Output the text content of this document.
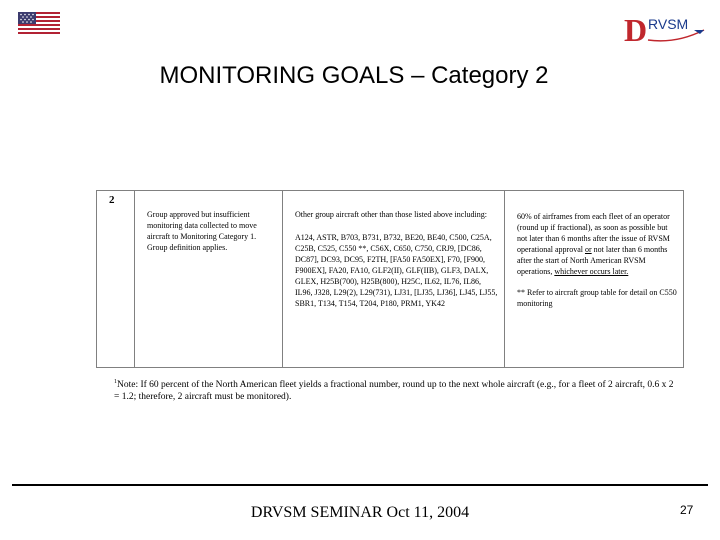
D RVSM
MONITORING GOALS – Category 2
2
Group approved but insufficient monitoring data collected to move aircraft to Monitoring Category 1. Group definition applies.
Other group aircraft other than those listed above including:
A124, ASTR, B703, B731, B732, BE20, BE40, C500, C25A, C25B, C525, C550 **, C56X, C650, C750, CRJ9, [DC86, DC87], DC93, DC95, F2TH, [FA50 FA50EX], F70, [F900, F900EX], FA20, FA10, GLF2(II), GLF(IIB), GLF3, DALX, GLEX, H25B(700), H25B(800), H25C, IL62, IL76, IL86, IL96, J328, L29(2), L29(731), LJ31, [LJ35, LJ36], LJ45, LJ55, SBR1, T134, T154, T204, P180, PRM1, YK42
60% of airframes from each fleet of an operator (round up if fractional), as soon as possible but not later than 6 months after the issue of RVSM operational approval or not later than 6 months after the start of North American RVSM operations, whichever occurs later.
** Refer to aircraft group table for detail on C550 monitoring
$^1$Note: If 60 percent of the North American fleet yields a fractional number, round up to the next whole aircraft (e.g., for a fleet of 2 aircraft, 0.6 x 2 = 1.2; therefore, 2 aircraft must be monitored).
DRVSM SEMINAR Oct 11, 2004	27
